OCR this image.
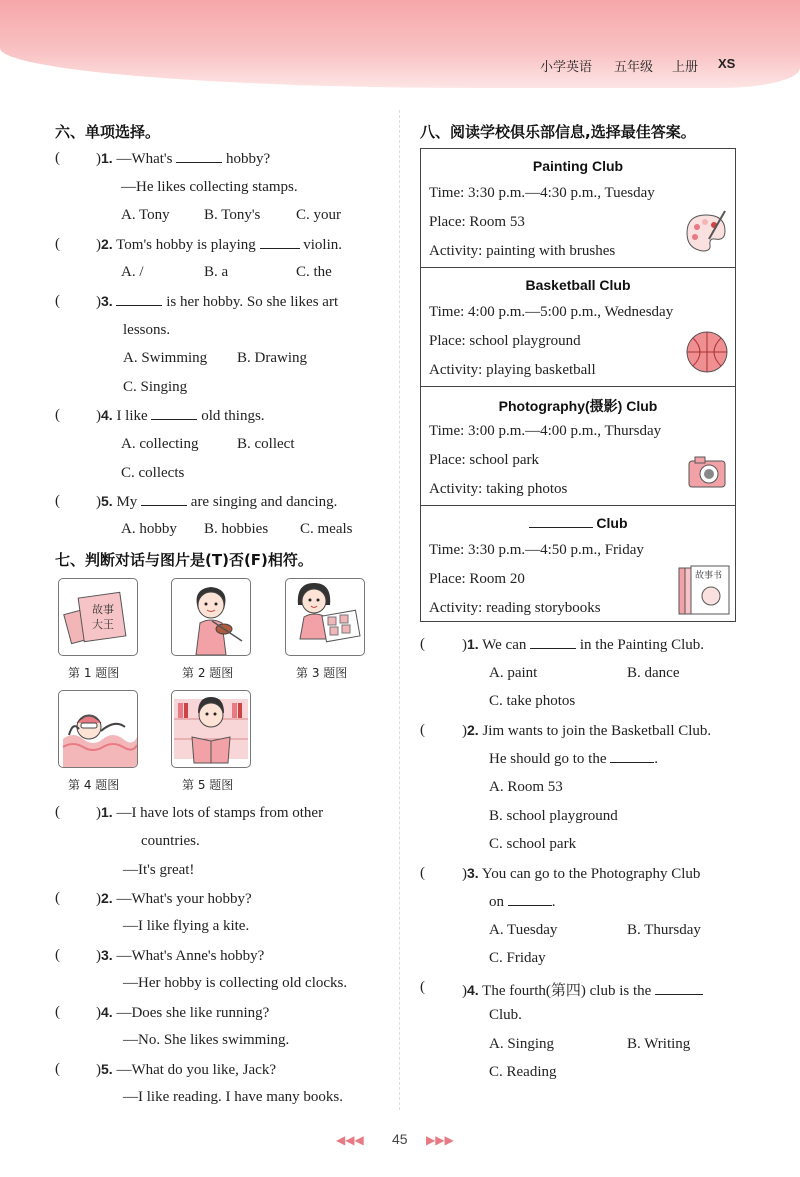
小学英语 五年级 上册 XS
六、单项选择。
( )1. —What's	hobby?
—He likes collecting stamps.
A. Tony B. Tony's C. your
( )2. Tom's hobby is playing	violin.
A. /	B. a	C. the
( )3.	is her hobby. So she likes art
lessons.
A. Swimming B. Drawing
C. Singing
( )4. I like	old things.
A. collecting	B. collect
C. collects
( )5. My	are singing and dancing.
A. hobby B. hobbies C. meals
七、判断对话与图片是(T)否(F)相符。
故事
大王
第 1 题图	第 2 题图	第 3 题图
第 4 题图	第 5 题图
( )1. —I have lots of stamps from other
countries.
—It's great!
( )2. —What's your hobby?
—I like flying a kite.
( )3. —What's Anne's hobby?
—Her hobby is collecting old clocks.
( )4. —Does she like running?
—No. She likes swimming.
( )5. —What do you like, Jack?
—I like reading. I have many books.
八、阅读学校俱乐部信息,选择最佳答案。
Painting Club
Time: 3:30 p.m.—4:30 p.m., Tuesday
Place: Room 53
Activity: painting with brushes
Basketball Club
Time: 4:00 p.m.—5:00 p.m., Wednesday
Place: school playground
Activity: playing basketball
Photography(摄影) Club
Time: 3:00 p.m.—4:00 p.m., Thursday
Place: school park
Activity: taking photos
Club
Time: 3:30 p.m.—4:50 p.m., Friday
Place: Room 20
Activity: reading storybooks
故事书
( )1. We can	in the Painting Club.
A. paint	B. dance
C. take photos
( )2. Jim wants to join the Basketball Club.
He should go to the	.
A. Room 53
B. school playground
C. school park
( )3. You can go to the Photography Club
on	.
A. Tuesday	B. Thursday
C. Friday
( )4. The fourth(第四) club is the
Club.
A. Singing	B. Writing
C. Reading
◀◀◀ 45 ▶▶▶
